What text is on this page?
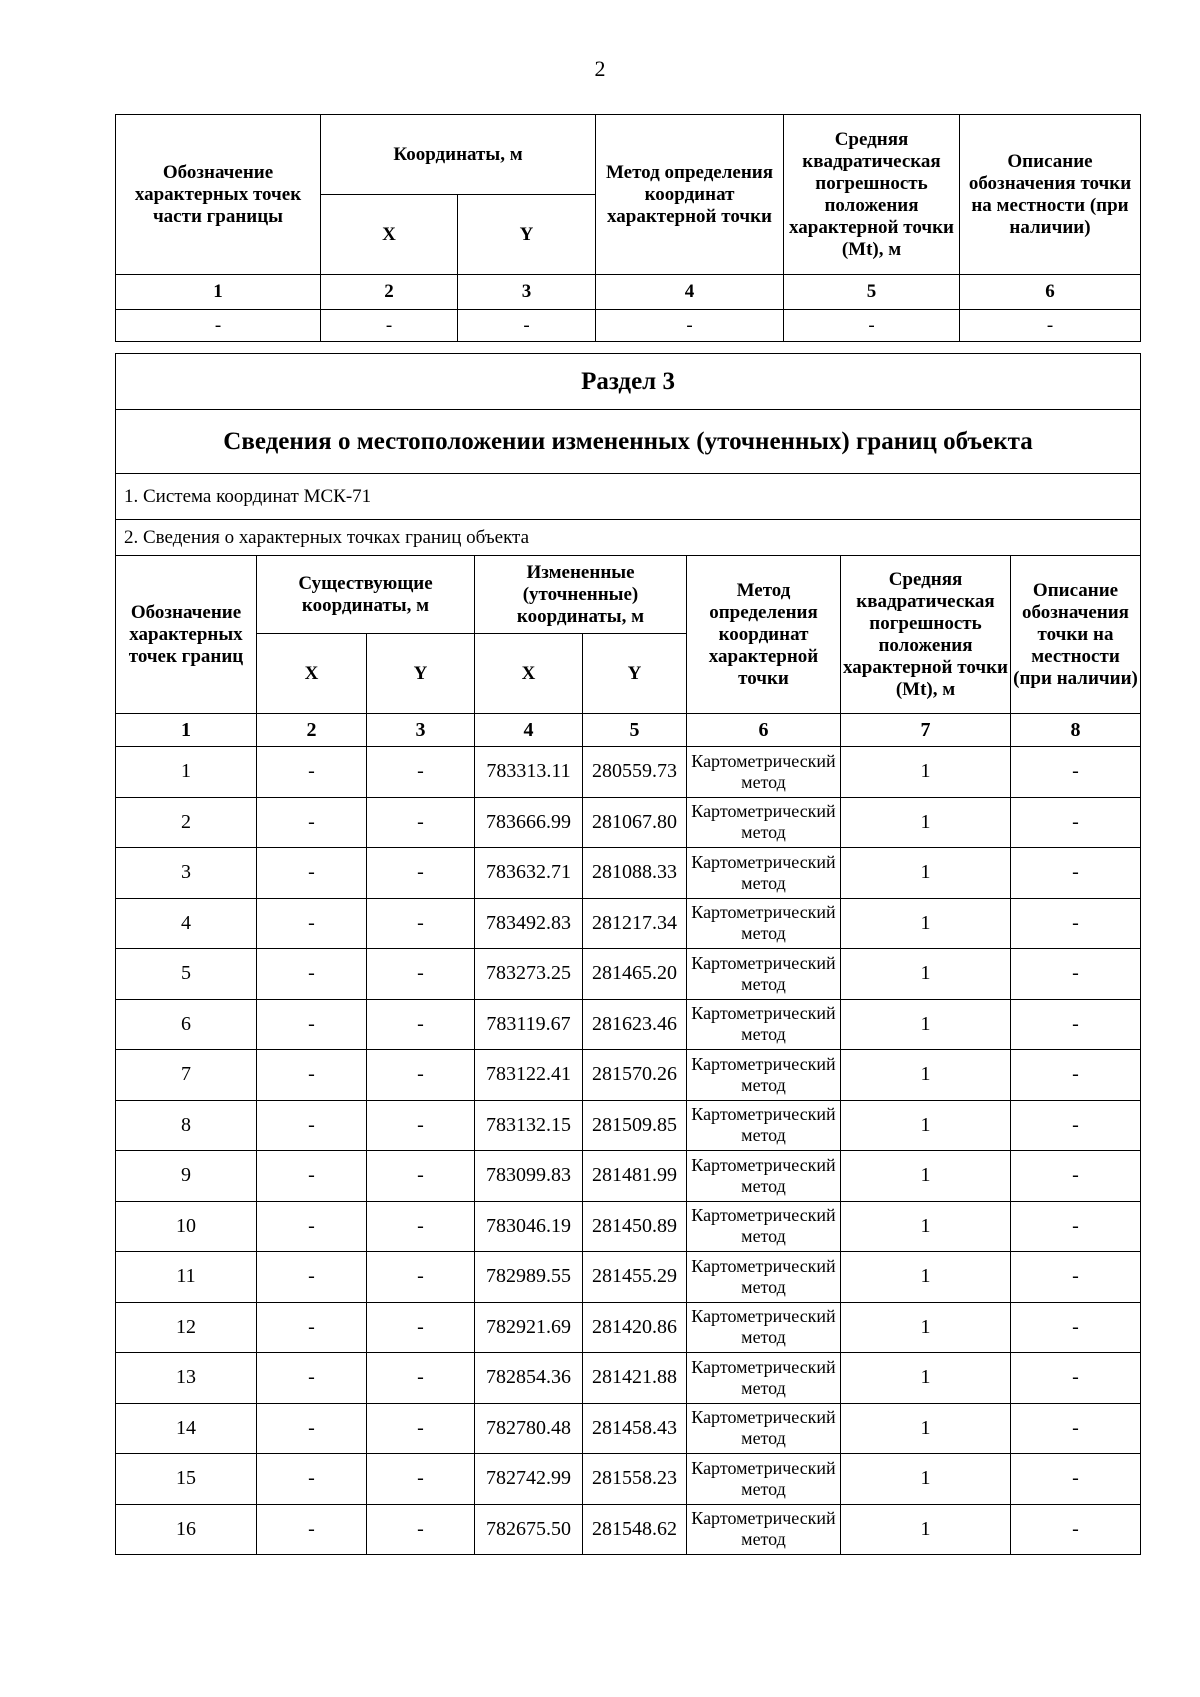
2
Обозначение характерных точек части границы	Координаты, м		Метод определения координат характерной точки	Средняя квадратическая погрешность положения характерной точки (Mt), м	Описание обозначения точки на местности (при наличии)
	X	Y			
1	2	3	4	5	6
-	-	-	-	-	-
Раздел 3							
Сведения о местоположении измененных (уточненных) границ объекта							
1. Система координат МСК-71							
2. Сведения о характерных точках границ объекта							
Обозначение характерных точек границ	Существующие координаты, м		Измененные (уточненные) координаты, м		Метод определения координат характерной точки	Средняя квадратическая погрешность положения характерной точки (Mt), м	Описание обозначения точки на местности (при наличии)
	X	Y	X	Y			
1	2	3	4	5	6	7	8
1	-	-	783313.11	280559.73	Картометрический метод	1	-
2	-	-	783666.99	281067.80	Картометрический метод	1	-
3	-	-	783632.71	281088.33	Картометрический метод	1	-
4	-	-	783492.83	281217.34	Картометрический метод	1	-
5	-	-	783273.25	281465.20	Картометрический метод	1	-
6	-	-	783119.67	281623.46	Картометрический метод	1	-
7	-	-	783122.41	281570.26	Картометрический метод	1	-
8	-	-	783132.15	281509.85	Картометрический метод	1	-
9	-	-	783099.83	281481.99	Картометрический метод	1	-
10	-	-	783046.19	281450.89	Картометрический метод	1	-
11	-	-	782989.55	281455.29	Картометрический метод	1	-
12	-	-	782921.69	281420.86	Картометрический метод	1	-
13	-	-	782854.36	281421.88	Картометрический метод	1	-
14	-	-	782780.48	281458.43	Картометрический метод	1	-
15	-	-	782742.99	281558.23	Картометрический метод	1	-
16	-	-	782675.50	281548.62	Картометрический метод	1	-
